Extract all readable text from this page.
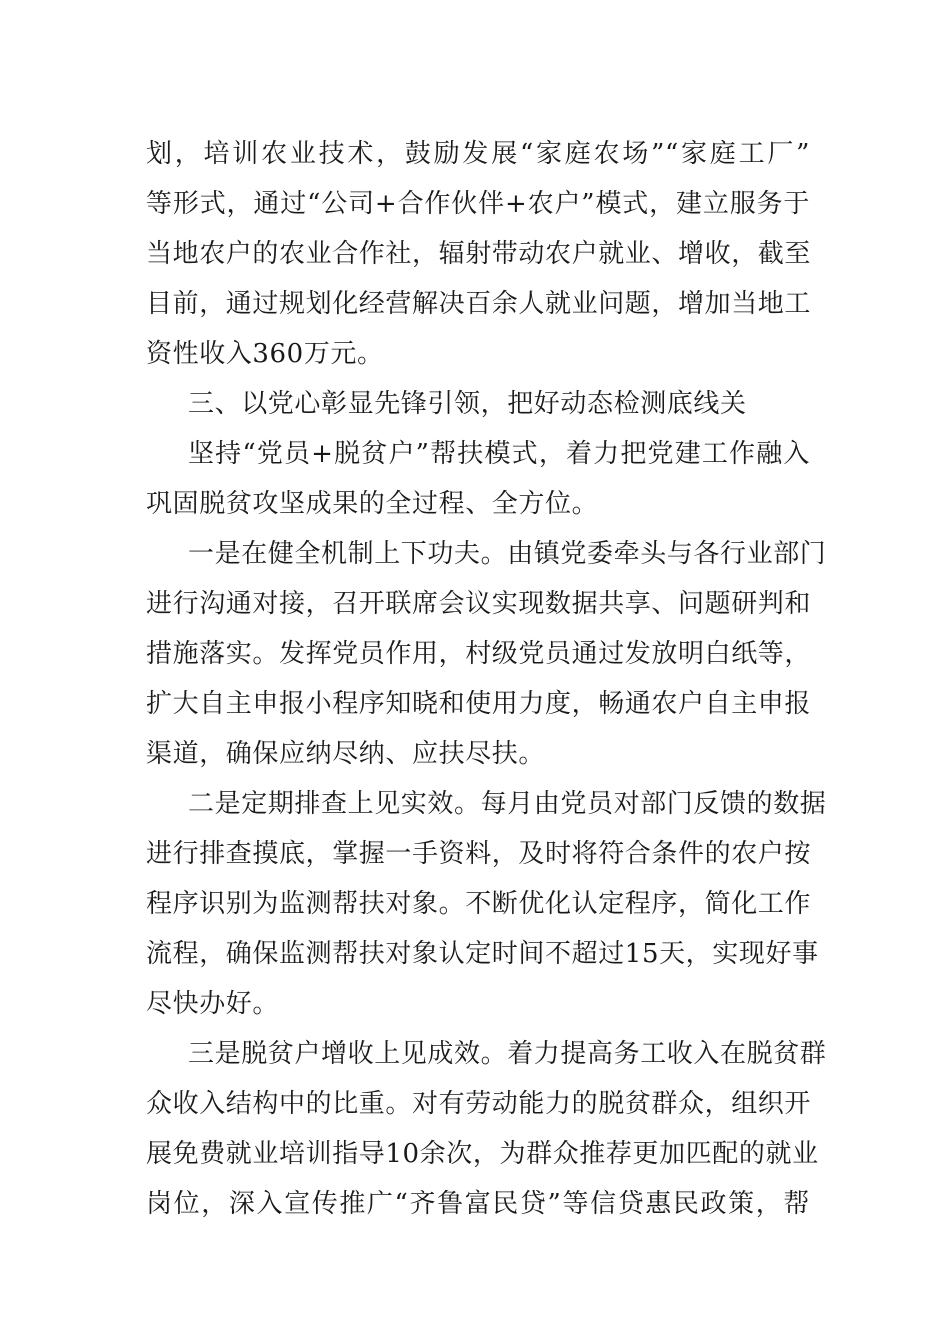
划，培训农业技术，鼓励发展“家庭农场”“家庭工厂”
等形式，通过“公司+合作伙伴+农户”模式，建立服务于
当地农户的农业合作社，辐射带动农户就业、增收，截至
目前，通过规划化经营解决百余人就业问题，增加当地工
资性收入360万元。
三、以党心彰显先锋引领，把好动态检测底线关
坚持“党员+脱贫户”帮扶模式，着力把党建工作融入
巩固脱贫攻坚成果的全过程、全方位。
一是在健全机制上下功夫。由镇党委牵头与各行业部门
进行沟通对接，召开联席会议实现数据共享、问题研判和
措施落实。发挥党员作用，村级党员通过发放明白纸等，
扩大自主申报小程序知晓和使用力度，畅通农户自主申报
渠道，确保应纳尽纳、应扶尽扶。
二是定期排查上见实效。每月由党员对部门反馈的数据
进行排查摸底，掌握一手资料，及时将符合条件的农户按
程序识别为监测帮扶对象。不断优化认定程序，简化工作
流程，确保监测帮扶对象认定时间不超过15天，实现好事
尽快办好。
三是脱贫户增收上见成效。着力提高务工收入在脱贫群
众收入结构中的比重。对有劳动能力的脱贫群众，组织开
展免费就业培训指导10余次，为群众推荐更加匹配的就业
岗位，深入宣传推广“齐鲁富民贷”等信贷惠民政策，帮
